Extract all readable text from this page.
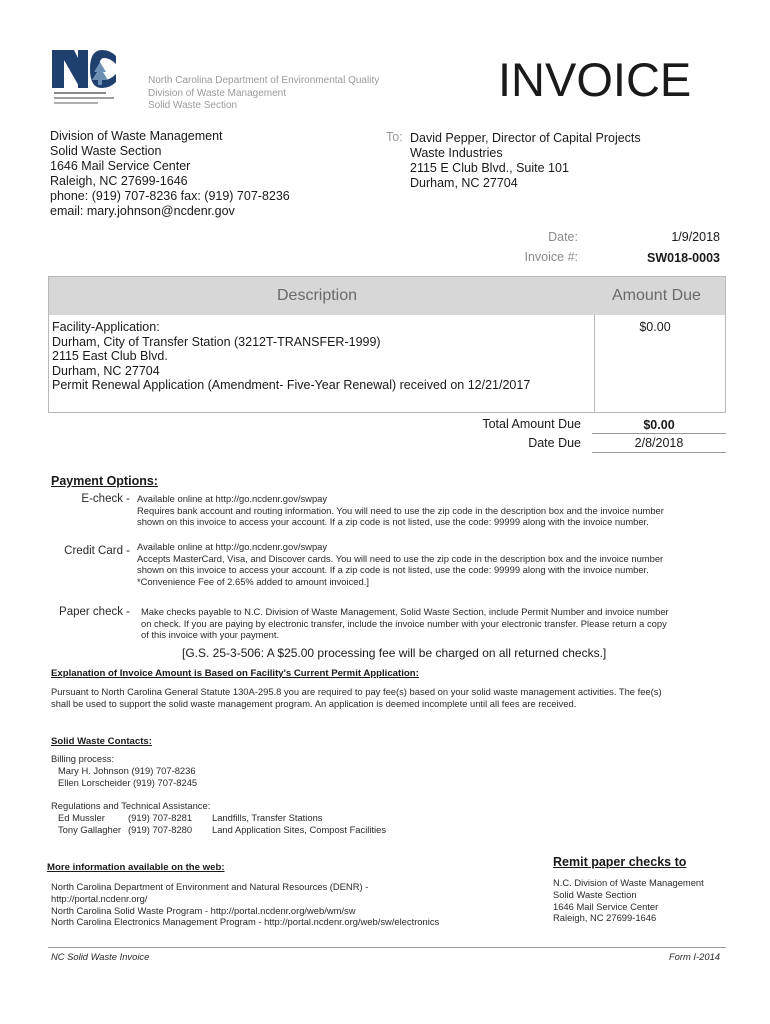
North Carolina Department of Environmental Quality
Division of Waste Management
Solid Waste Section	INVOICE
Division of Waste Management
Solid Waste Section
1646 Mail Service Center
Raleigh, NC 27699-1646
phone: (919) 707-8236 fax: (919) 707-8236
email: mary.johnson@ncdenr.gov
To: David Pepper, Director of Capital Projects
Waste Industries
2115 E Club Blvd., Suite 101
Durham, NC 27704
Date:	1/9/2018
Invoice #:	SW018-0003
Description	Amount Due
Facility-Application:
Durham, City of Transfer Station (3212T-TRANSFER-1999)
2115 East Club Blvd.
Durham, NC 27704
Permit Renewal Application (Amendment- Five-Year Renewal) received on 12/21/2017
$0.00
Total Amount Due	$0.00
Date Due	2/8/2018
Payment Options:
E-check - Available online at http://go.ncdenr.gov/swpay
Requires bank account and routing information. You will need to use the zip code in the description box and the invoice number
shown on this invoice to access your account. If a zip code is not listed, use the code: 99999 along with the invoice number.
Credit Card - Available online at http://go.ncdenr.gov/swpay
Accepts MasterCard, Visa, and Discover cards. You will need to use the zip code in the description box and the invoice number
shown on this invoice to access your account. If a zip code is not listed, use the code: 99999 along with the invoice number.
*Convenience Fee of 2.65% added to amount invoiced.]
Paper check - Make checks payable to N.C. Division of Waste Management, Solid Waste Section, include Permit Number and invoice number
on check. If you are paying by electronic transfer, include the invoice number with your electronic transfer. Please return a copy
of this invoice with your payment.
[G.S. 25-3-506: A $25.00 processing fee will be charged on all returned checks.]
Explanation of Invoice Amount is Based on Facility's Current Permit Application:
Pursuant to North Carolina General Statute 130A-295.8 you are required to pay fee(s) based on your solid waste management activities. The fee(s)
shall be used to support the solid waste management program. An application is deemed incomplete until all fees are received.
Solid Waste Contacts:
Billing process:
Mary H. Johnson (919) 707-8236
Ellen Lorscheider (919) 707-8245
Regulations and Technical Assistance:
Ed Mussler (919) 707-8281 Landfills, Transfer Stations
Tony Gallagher (919) 707-8280 Land Application Sites, Compost Facilities
More information available on the web:
North Carolina Department of Environment and Natural Resources (DENR) -
http://portal.ncdenr.org/
North Carolina Solid Waste Program - http://portal.ncdenr.org/web/wm/sw
North Carolina Electronics Management Program - http://portal.ncdenr.org/web/sw/electronics
Remit paper checks to
N.C. Division of Waste Management
Solid Waste Section
1646 Mail Service Center
Raleigh, NC 27699-1646
NC Solid Waste Invoice	Form I-2014
